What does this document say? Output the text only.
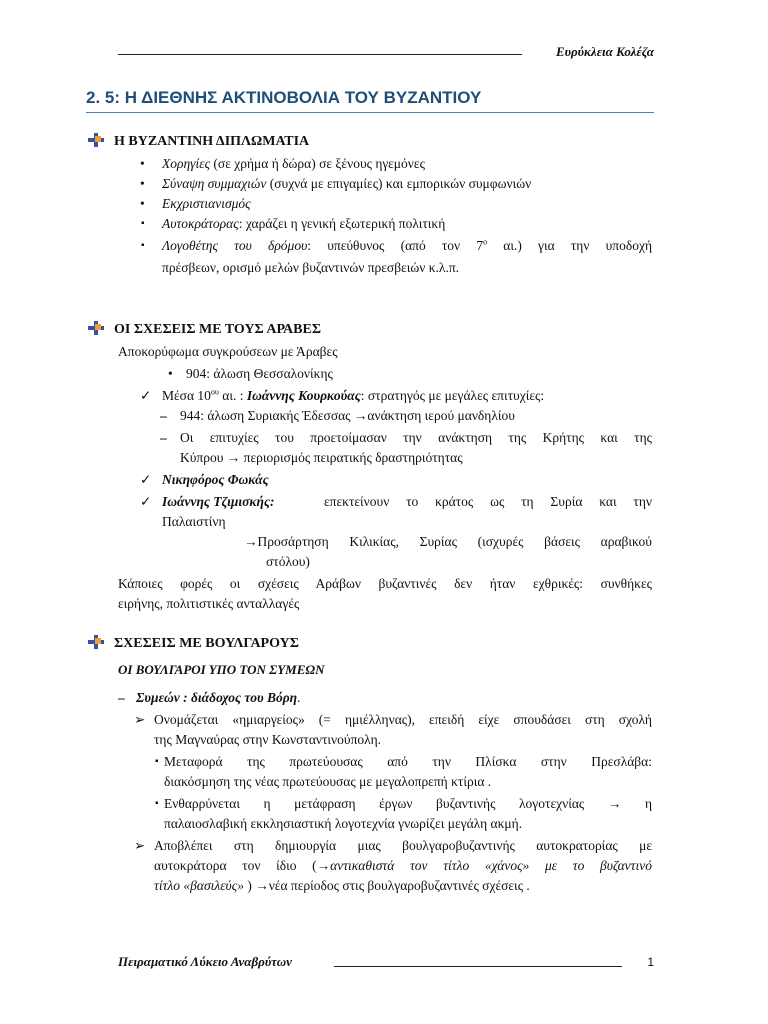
Ευρύκλεια Κολέζα
2. 5: Η ΔΙΕΘΝΗΣ ΑΚΤΙΝΟΒΟΛΙΑ ΤΟΥ ΒΥΖΑΝΤΙΟΥ
Η ΒΥΖΑΝΤΙΝΗ ΔΙΠΛΩΜΑΤΙΑ
• Χορηγίες (σε χρήμα ή δώρα) σε ξένους ηγεμόνες
• Σύναψη συμμαχιών (συχνά με επιγαμίες) και εμπορικών συμφωνιών
• Εκχριστιανισμός
▪ Αυτοκράτορας: χαράζει η γενική εξωτερική πολιτική
▪ Λογοθέτης του δρόμου: υπεύθυνος (από τον $7^o$ αι.) για την υποδοχή
πρέσβεων, ορισμό μελών βυζαντινών πρεσβειών κ.λ.π.
ΟΙ ΣΧΕΣΕΙΣ ΜΕ ΤΟΥΣ ΑΡΑΒΕΣ
Αποκορύφωμα συγκρούσεων με Άραβες
• 904: άλωση Θεσσαλονίκης
✓ Μέσα $10^{o\upsilon}$ αι. : Ιωάννης Κουρκούας: στρατηγός με μεγάλες επιτυχίες:
– 944: άλωση Συριακής Έδεσσας →ανάκτηση ιερού μανδηλίου
– Οι επιτυχίες του προετοίμασαν την ανάκτηση της Κρήτης και της
Κύπρου → περιορισμός πειρατικής δραστηριότητας
✓ Νικηφόρος Φωκάς
✓ Ιωάννης Τζιμισκής:	επεκτείνουν το κράτος ως τη Συρία και την
Παλαιστίνη
→Προσάρτηση Κιλικίας, Συρίας (ισχυρές βάσεις αραβικού
στόλου)
Κάποιες φορές οι σχέσεις Αράβων βυζαντινές δεν ήταν εχθρικές: συνθήκες
ειρήνης, πολιτιστικές ανταλλαγές
ΣΧΕΣΕΙΣ ΜΕ ΒΟΥΛΓΑΡΟΥΣ
ΟΙ ΒΟΥΛΓΑΡΟΙ ΥΠΟ ΤΟΝ ΣΥΜΕΩΝ
– Συμεών : διάδοχος του Βόρη.
➢ Ονομάζεται «ημιαργείος» (= ημιέλληνας), επειδή είχε σπουδάσει στη σχολή
της Μαγναύρας στην Κωνσταντινούπολη.
▪ Μεταφορά της πρωτεύουσας από την Πλίσκα στην Πρεσλάβα:
διακόσμηση της νέας πρωτεύουσας με μεγαλοπρεπή κτίρια .
▪ Ενθαρρύνεται η μετάφραση έργων βυζαντινής λογοτεχνίας → η
παλαιοσλαβική εκκλησιαστική λογοτεχνία γνωρίζει μεγάλη ακμή.
➢ Αποβλέπει στη δημιουργία μιας βουλγαροβυζαντινής αυτοκρατορίας με
αυτοκράτορα τον ίδιο (→αντικαθιστά τον τίτλο «χάνος» με το βυζαντινό
τίτλο «βασιλεύς» ) →νέα περίοδος στις βουλγαροβυζαντινές σχέσεις .
Πειραματικό Λύκειο Αναβρύτων	1
